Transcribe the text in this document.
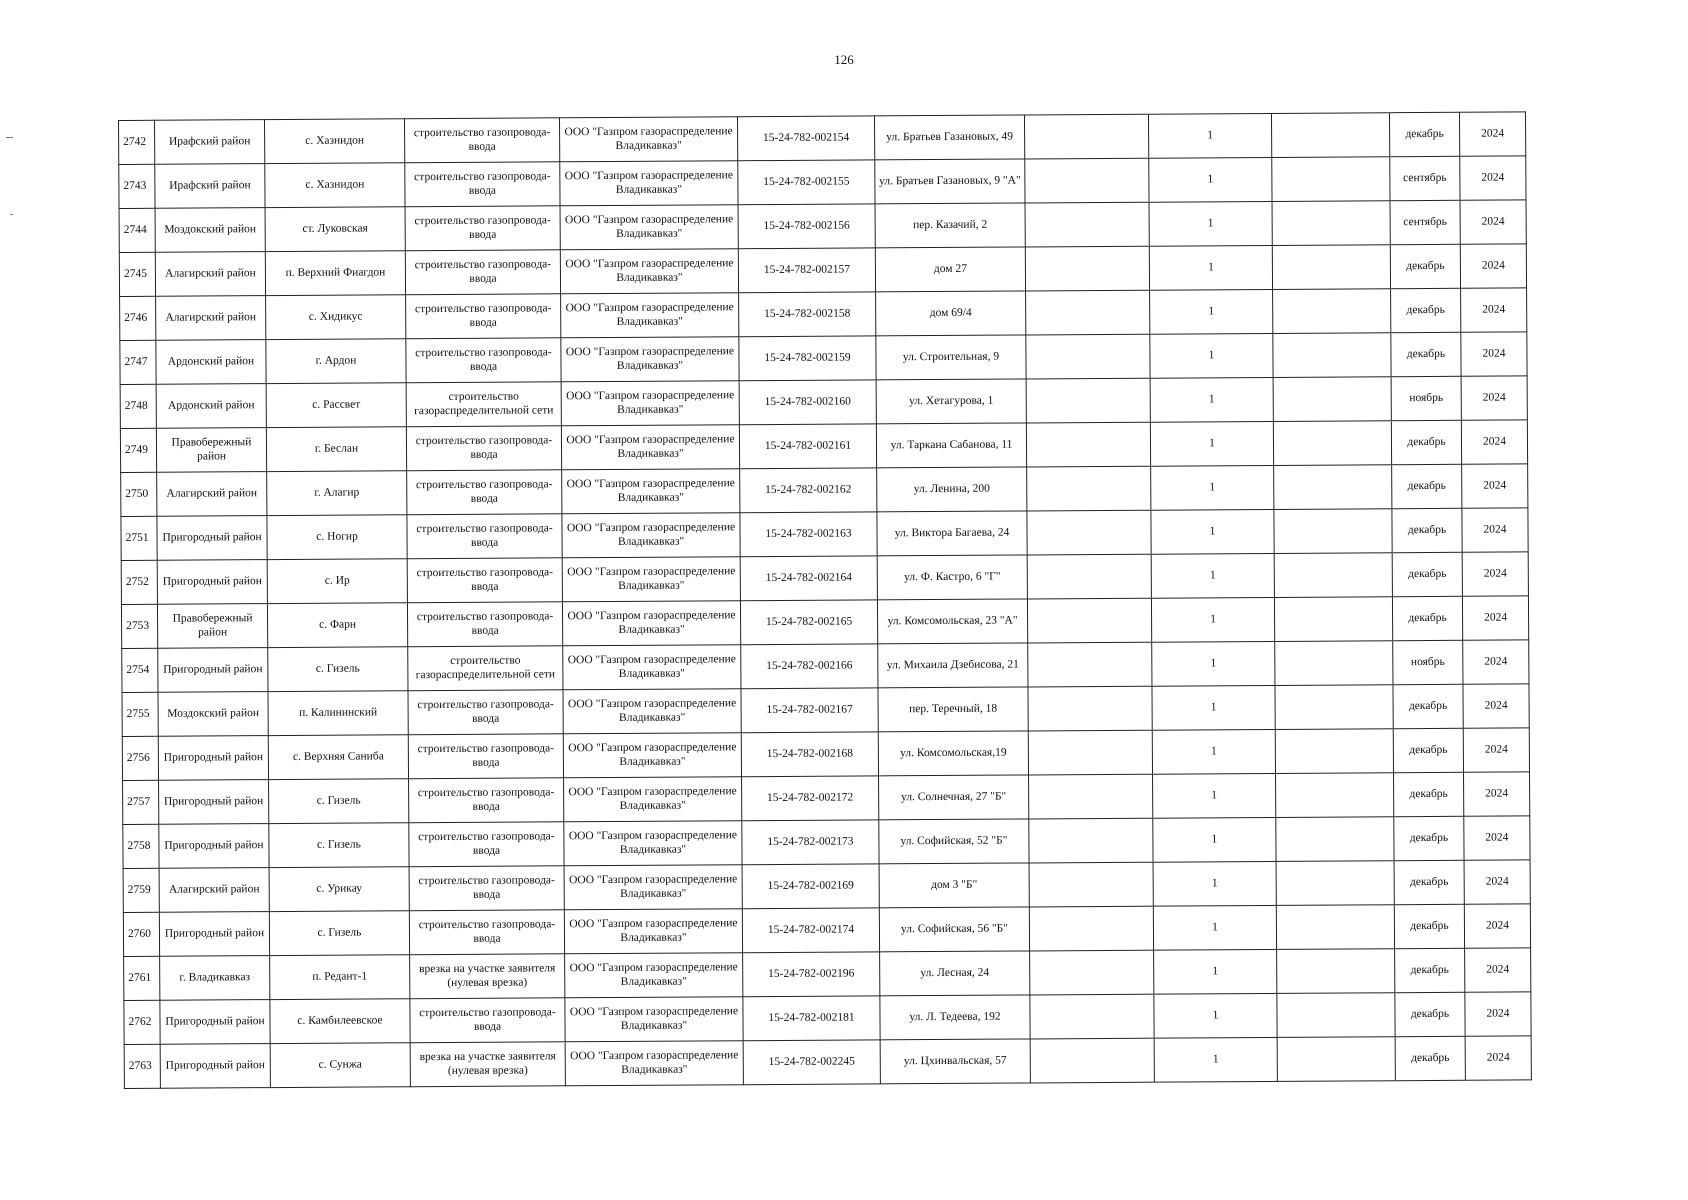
126
2742	Ирафский район	с. Хазнидон	строительство газопровода-ввода	ООО "Газпром газораспределение Владикавказ"	15-24-782-002154	ул. Братьев Газановых, 49		1		декабрь	2024
2743	Ирафский район	с. Хазнидон	строительство газопровода-ввода	ООО "Газпром газораспределение Владикавказ"	15-24-782-002155	ул. Братьев Газановых, 9 "А"		1		сентябрь	2024
2744	Моздокский район	ст. Луковская	строительство газопровода-ввода	ООО "Газпром газораспределение Владикавказ"	15-24-782-002156	пер. Казачий, 2		1		сентябрь	2024
2745	Алагирский район	п. Верхний Фиагдон	строительство газопровода-ввода	ООО "Газпром газораспределение Владикавказ"	15-24-782-002157	дом 27		1		декабрь	2024
2746	Алагирский район	с. Хидикус	строительство газопровода-ввода	ООО "Газпром газораспределение Владикавказ"	15-24-782-002158	дом 69/4		1		декабрь	2024
2747	Ардонский район	г. Ардон	строительство газопровода-ввода	ООО "Газпром газораспределение Владикавказ"	15-24-782-002159	ул. Строительная, 9		1		декабрь	2024
2748	Ардонский район	с. Рассвет	строительство газораспределительной сети	ООО "Газпром газораспределение Владикавказ"	15-24-782-002160	ул. Хетагурова, 1		1		ноябрь	2024
2749	Правобережный район	г. Беслан	строительство газопровода-ввода	ООО "Газпром газораспределение Владикавказ"	15-24-782-002161	ул. Таркана Сабанова, 11		1		декабрь	2024
2750	Алагирский район	г. Алагир	строительство газопровода-ввода	ООО "Газпром газораспределение Владикавказ"	15-24-782-002162	ул. Ленина, 200		1		декабрь	2024
2751	Пригородный район	с. Ногир	строительство газопровода-ввода	ООО "Газпром газораспределение Владикавказ"	15-24-782-002163	ул. Виктора Багаева, 24		1		декабрь	2024
2752	Пригородный район	с. Ир	строительство газопровода-ввода	ООО "Газпром газораспределение Владикавказ"	15-24-782-002164	ул. Ф. Кастро, 6 "Г"		1		декабрь	2024
2753	Правобережный район	с. Фарн	строительство газопровода-ввода	ООО "Газпром газораспределение Владикавказ"	15-24-782-002165	ул. Комсомольская, 23 "А"		1		декабрь	2024
2754	Пригородный район	с. Гизель	строительство газораспределительной сети	ООО "Газпром газораспределение Владикавказ"	15-24-782-002166	ул. Михаила Дзебисова, 21		1		ноябрь	2024
2755	Моздокский район	п. Калининский	строительство газопровода-ввода	ООО "Газпром газораспределение Владикавказ"	15-24-782-002167	пер. Теречный, 18		1		декабрь	2024
2756	Пригородный район	с. Верхняя Саниба	строительство газопровода-ввода	ООО "Газпром газораспределение Владикавказ"	15-24-782-002168	ул. Комсомольская,19		1		декабрь	2024
2757	Пригородный район	с. Гизель	строительство газопровода-ввода	ООО "Газпром газораспределение Владикавказ"	15-24-782-002172	ул. Солнечная, 27 "Б"		1		декабрь	2024
2758	Пригородный район	с. Гизель	строительство газопровода-ввода	ООО "Газпром газораспределение Владикавказ"	15-24-782-002173	ул. Софийская, 52 "Б"		1		декабрь	2024
2759	Алагирский район	с. Урикау	строительство газопровода-ввода	ООО "Газпром газораспределение Владикавказ"	15-24-782-002169	дом 3 "Б"		1		декабрь	2024
2760	Пригородный район	с. Гизель	строительство газопровода-ввода	ООО "Газпром газораспределение Владикавказ"	15-24-782-002174	ул. Софийская, 56 "Б"		1		декабрь	2024
2761	г. Владикавказ	п. Редант-1	врезка на участке заявителя (нулевая врезка)	ООО "Газпром газораспределение Владикавказ"	15-24-782-002196	ул. Лесная, 24		1		декабрь	2024
2762	Пригородный район	с. Камбилеевское	строительство газопровода-ввода	ООО "Газпром газораспределение Владикавказ"	15-24-782-002181	ул. Л. Тедеева, 192		1		декабрь	2024
2763	Пригородный район	с. Сунжа	врезка на участке заявителя (нулевая врезка)	ООО "Газпром газораспределение Владикавказ"	15-24-782-002245	ул. Цхинвальская, 57		1		декабрь	2024
